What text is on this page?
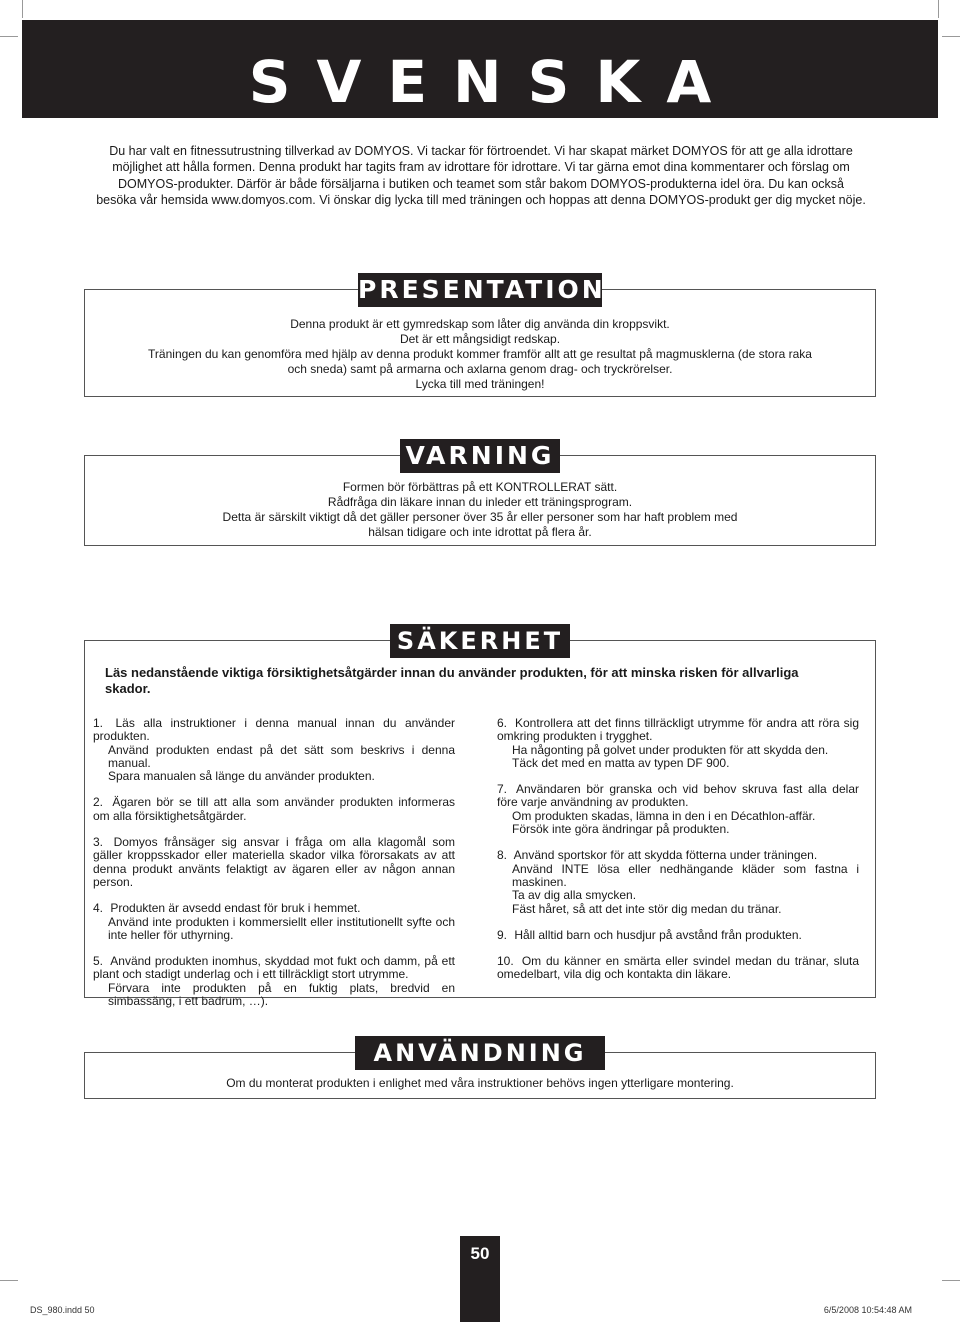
SVENSKA
Du har valt en fitnessutrustning tillverkad av DOMYOS. Vi tackar för förtroendet. Vi har skapat märket DOMYOS för att ge alla idrottare
möjlighet att hålla formen. Denna produkt har tagits fram av idrottare för idrottare. Vi tar gärna emot dina kommentarer och förslag om
DOMYOS-produkter. Därför är både försäljarna i butiken och teamet som står bakom DOMYOS-produkterna idel öra. Du kan också
besöka vår hemsida www.domyos.com. Vi önskar dig lycka till med träningen och hoppas att denna DOMYOS-produkt ger dig mycket nöje.
PRESENTATION
Denna produkt är ett gymredskap som låter dig använda din kroppsvikt.
Det är ett mångsidigt redskap.
Träningen du kan genomföra med hjälp av denna produkt kommer framför allt att ge resultat på magmusklerna (de stora raka
och sneda) samt på armarna och axlarna genom drag- och tryckrörelser.
Lycka till med träningen!
VARNING
Formen bör förbättras på ett KONTROLLERAT sätt.
Rådfråga din läkare innan du inleder ett träningsprogram.
Detta är särskilt viktigt då det gäller personer över 35 år eller personer som har haft problem med
hälsan tidigare och inte idrottat på flera år.
SÄKERHET
Läs nedanstående viktiga försiktighetsåtgärder innan du använder produkten, för att minska risken för allvarliga skador.
1. Läs alla instruktioner i denna manual innan du använder produkten.
Använd produkten endast på det sätt som beskrivs i denna manual.
Spara manualen så länge du använder produkten.
2. Ägaren bör se till att alla som använder produkten informeras om alla försiktighetsåtgärder.
3. Domyos frånsäger sig ansvar i fråga om alla klagomål som gäller kroppsskador eller materiella skador vilka förorsakats av att denna produkt använts felaktigt av ägaren eller av någon annan person.
4. Produkten är avsedd endast för bruk i hemmet.
Använd inte produkten i kommersiellt eller institutionellt syfte och inte heller för uthyrning.
5. Använd produkten inomhus, skyddad mot fukt och damm, på ett plant och stadigt underlag och i ett tillräckligt stort utrymme.
Förvara inte produkten på en fuktig plats, bredvid en simbassäng, i ett badrum, …).
6. Kontrollera att det finns tillräckligt utrymme för andra att röra sig omkring produkten i trygghet.
Ha någonting på golvet under produkten för att skydda den.
Täck det med en matta av typen DF 900.
7. Användaren bör granska och vid behov skruva fast alla delar före varje användning av produkten.
Om produkten skadas, lämna in den i en Décathlon-affär.
Försök inte göra ändringar på produkten.
8. Använd sportskor för att skydda fötterna under träningen.
Använd INTE lösa eller nedhängande kläder som fastna i maskinen.
Ta av dig alla smycken.
Fäst håret, så att det inte stör dig medan du tränar.
9. Håll alltid barn och husdjur på avstånd från produkten.
10. Om du känner en smärta eller svindel medan du tränar, sluta omedelbart, vila dig och kontakta din läkare.
ANVÄNDNING
Om du monterat produkten i enlighet med våra instruktioner behövs ingen ytterligare montering.
50
DS_980.indd 50	6/5/2008 10:54:48 AM
